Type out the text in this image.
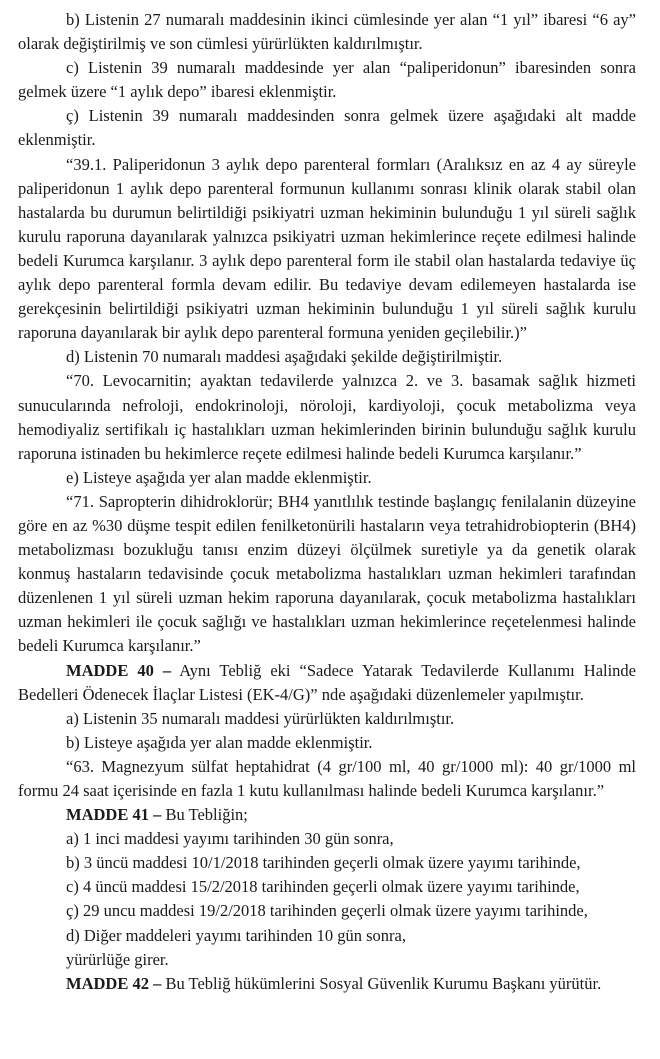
b) Listenin 27 numaralı maddesinin ikinci cümlesinde yer alan “1 yıl” ibaresi “6 ay” olarak değiştirilmiş ve son cümlesi yürürlükten kaldırılmıştır.

c) Listenin 39 numaralı maddesinde yer alan “paliperidonun” ibaresinden sonra gelmek üzere “1 aylık depo” ibaresi eklenmiştir.

ç) Listenin 39 numaralı maddesinden sonra gelmek üzere aşağıdaki alt madde eklenmiştir.

“39.1. Paliperidonun 3 aylık depo parenteral formları (Aralıksız en az 4 ay süreyle paliperidonun 1 aylık depo parenteral formunun kullanımı sonrası klinik olarak stabil olan hastalarda bu durumun belirtildiği psikiyatri uzman hekiminin bulunduğu 1 yıl süreli sağlık kurulu raporuna dayanılarak yalnızca psikiyatri uzman hekimlerince reçete edilmesi halinde bedeli Kurumca karşılanır. 3 aylık depo parenteral form ile stabil olan hastalarda tedaviye üç aylık depo parenteral formla devam edilir. Bu tedaviye devam edilemeyen hastalarda ise gerekçesinin belirtildiği psikiyatri uzman hekiminin bulunduğu 1 yıl süreli sağlık kurulu raporuna dayanılarak bir aylık depo parenteral formuna yeniden geçilebilir.)”

d) Listenin 70 numaralı maddesi aşağıdaki şekilde değiştirilmiştir.

“70. Levocarnitin; ayaktan tedavilerde yalnızca 2. ve 3. basamak sağlık hizmeti sunucularında nefroloji, endokrinoloji, nöroloji, kardiyoloji, çocuk metabolizma veya hemodiyaliz sertifikalı iç hastalıkları uzman hekimlerinden birinin bulunduğu sağlık kurulu raporuna istinaden bu hekimlerce reçete edilmesi halinde bedeli Kurumca karşılanır.”

e) Listeye aşağıda yer alan madde eklenmiştir.

“71. Sapropterin dihidroklorür; BH4 yanıtlılık testinde başlangıç fenilalanin düzeyine göre en az %30 düşme tespit edilen fenilketonürili hastaların veya tetrahidrobiopterin (BH4) metabolizması bozukluğu tanısı enzim düzeyi ölçülmek suretiyle ya da genetik olarak konmuş hastaların tedavisinde çocuk metabolizma hastalıkları uzman hekimleri tarafından düzenlenen 1 yıl süreli uzman hekim raporuna dayanılarak, çocuk metabolizma hastalıkları uzman hekimleri ile çocuk sağlığı ve hastalıkları uzman hekimlerince reçetelenmesi halinde bedeli Kurumca karşılanır.”

MADDE 40 – Aynı Tebliğ eki “Sadece Yatarak Tedavilerde Kullanımı Halinde Bedelleri Ödenecek İlaçlar Listesi (EK-4/G)” nde aşağıdaki düzenlemeler yapılmıştır.

a) Listenin 35 numaralı maddesi yürürlükten kaldırılmıştır.

b) Listeye aşağıda yer alan madde eklenmiştir.

“63. Magnezyum sülfat heptahidrat (4 gr/100 ml, 40 gr/1000 ml): 40 gr/1000 ml formu 24 saat içerisinde en fazla 1 kutu kullanılması halinde bedeli Kurumca karşılanır.”

MADDE 41 – Bu Tebliğin;

a) 1 inci maddesi yayımı tarihinden 30 gün sonra,

b) 3 üncü maddesi 10/1/2018 tarihinden geçerli olmak üzere yayımı tarihinde,

c) 4 üncü maddesi 15/2/2018 tarihinden geçerli olmak üzere yayımı tarihinde,

ç) 29 uncu maddesi 19/2/2018 tarihinden geçerli olmak üzere yayımı tarihinde,

d) Diğer maddeleri yayımı tarihinden 10 gün sonra,

yürürlüğe girer.

MADDE 42 – Bu Tebliğ hükümlerini Sosyal Güvenlik Kurumu Başkanı yürütür.
